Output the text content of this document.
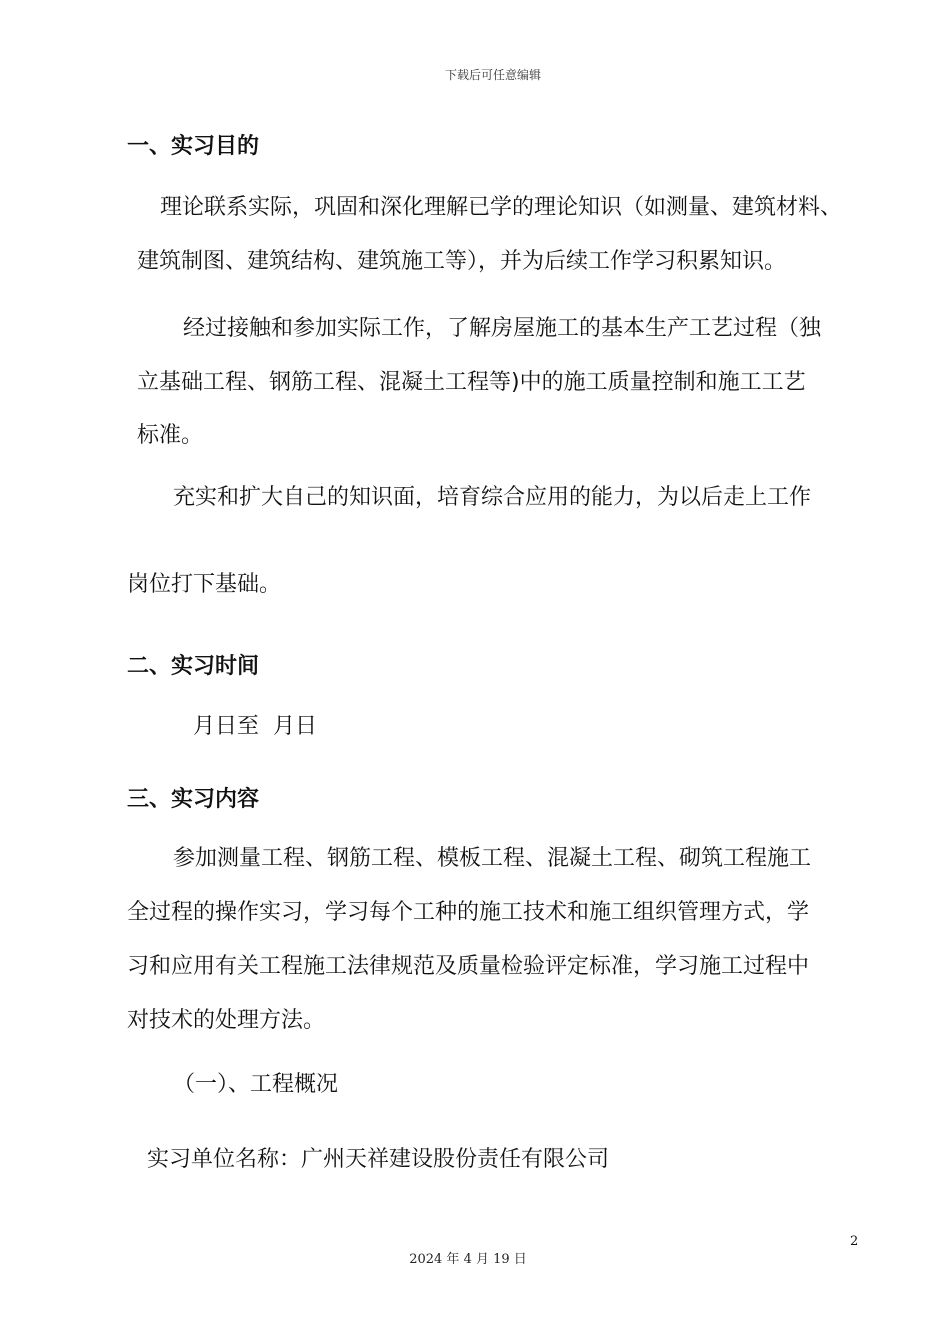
下载后可任意编辑
一、实习目的
理论联系实际，巩固和深化理解已学的理论知识（如测量、建筑材料、
建筑制图、建筑结构、建筑施工等），并为后续工作学习积累知识。
经过接触和参加实际工作，了解房屋施工的基本生产工艺过程（独
立基础工程、钢筋工程、混凝土工程等)中的施工质量控制和施工工艺
标准。
充实和扩大自己的知识面，培育综合应用的能力，为以后走上工作
岗位打下基础。
二、实习时间
月日至  月日
三、实习内容
参加测量工程、钢筋工程、模板工程、混凝土工程、砌筑工程施工
全过程的操作实习，学习每个工种的施工技术和施工组织管理方式，学
习和应用有关工程施工法律规范及质量检验评定标准，学习施工过程中
对技术的处理方法。
（一）、工程概况
实习单位名称：广州天祥建设股份责任有限公司
2
2024 年 4 月 19 日
